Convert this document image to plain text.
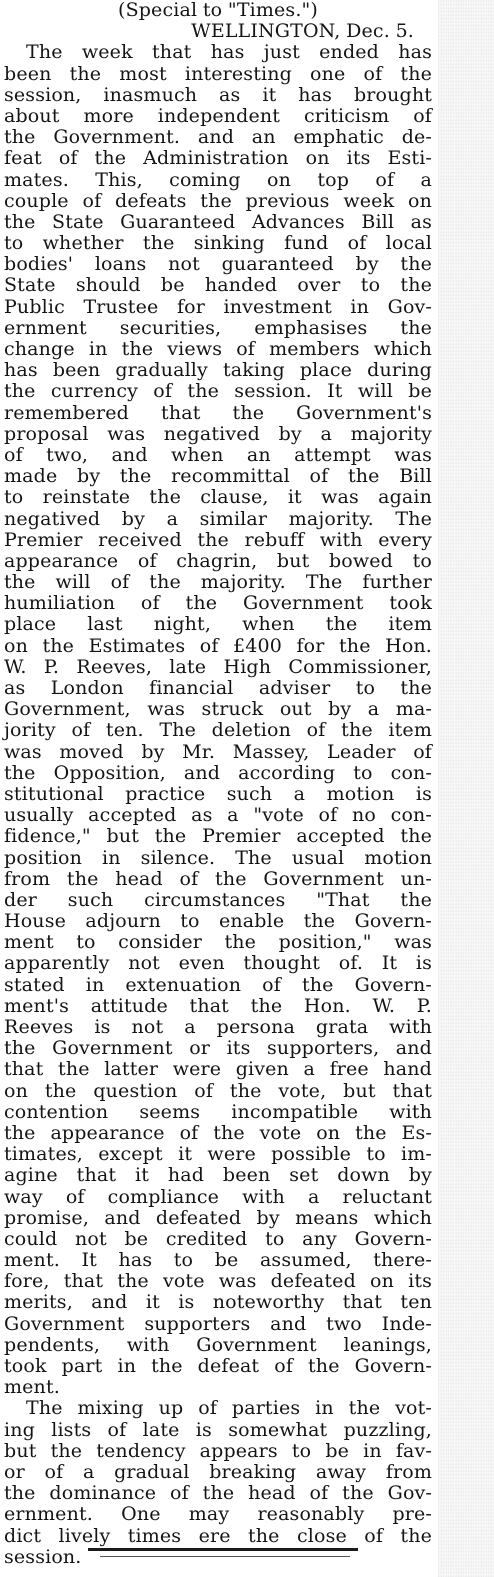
(Special to "Times.")
WELLINGTON, Dec. 5.
The week that has just ended has
been the most interesting one of the
session, inasmuch as it has brought
about more independent criticism of
the Government. and an emphatic de-
feat of the Administration on its Esti-
mates. This, coming on top of a
couple of defeats the previous week on
the State Guaranteed Advances Bill as
to whether the sinking fund of local
bodies' loans not guaranteed by the
State should be handed over to the
Public Trustee for investment in Gov-
ernment securities, emphasises the
change in the views of members which
has been gradually taking place during
the currency of the session. It will be
remembered that the Government's
proposal was negatived by a majority
of two, and when an attempt was
made by the recommittal of the Bill
to reinstate the clause, it was again
negatived by a similar majority. The
Premier received the rebuff with every
appearance of chagrin, but bowed to
the will of the majority. The further
humiliation of the Government took
place last night, when the item
on the Estimates of £400 for the Hon.
W. P. Reeves, late High Commissioner,
as London financial adviser to the
Government, was struck out by a ma-
jority of ten. The deletion of the item
was moved by Mr. Massey, Leader of
the Opposition, and according to con-
stitutional practice such a motion is
usually accepted as a "vote of no con-
fidence," but the Premier accepted the
position in silence. The usual motion
from the head of the Government un-
der such circumstances "That the
House adjourn to enable the Govern-
ment to consider the position," was
apparently not even thought of. It is
stated in extenuation of the Govern-
ment's attitude that the Hon. W. P.
Reeves is not a persona grata with
the Government or its supporters, and
that the latter were given a free hand
on the question of the vote, but that
contention seems incompatible with
the appearance of the vote on the Es-
timates, except it were possible to im-
agine that it had been set down by
way of compliance with a reluctant
promise, and defeated by means which
could not be credited to any Govern-
ment. It has to be assumed, there-
fore, that the vote was defeated on its
merits, and it is noteworthy that ten
Government supporters and two Inde-
pendents, with Government leanings,
took part in the defeat of the Govern-
ment.
The mixing up of parties in the vot-
ing lists of late is somewhat puzzling,
but the tendency appears to be in fav-
or of a gradual breaking away from
the dominance of the head of the Gov-
ernment. One may reasonably pre-
dict lively times ere the close of the
session.
